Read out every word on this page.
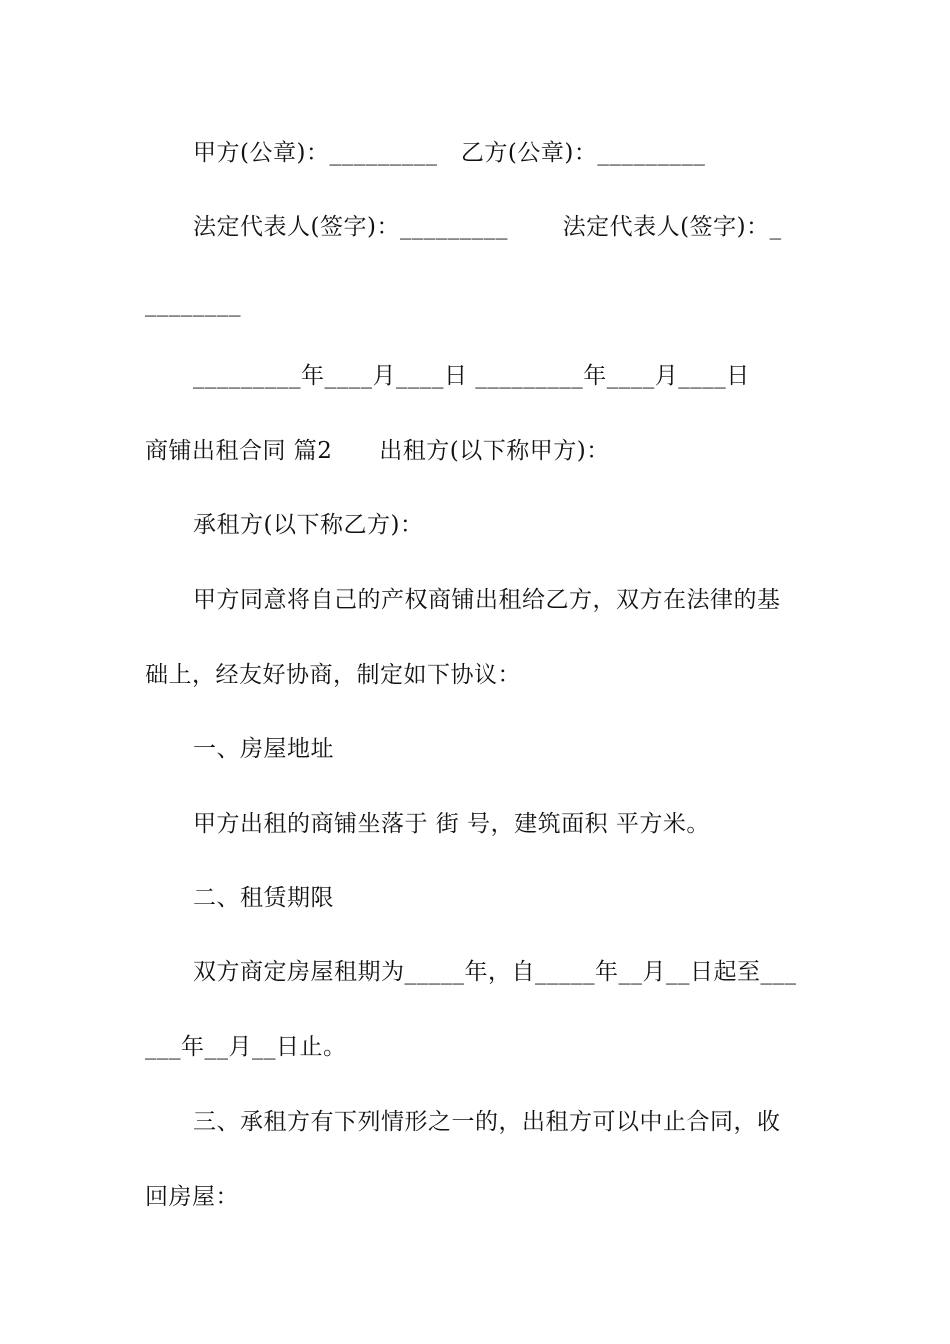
甲方(公章)：_________   乙方(公章)：_________
法定代表人(签字)：_________       法定代表人(签字)：_
________
_________年____月____日 _________年____月____日
商铺出租合同 篇2      出租方(以下称甲方)：
承租方(以下称乙方)：
甲方同意将自己的产权商铺出租给乙方，双方在法律的基
础上，经友好协商，制定如下协议：
一、房屋地址
甲方出租的商铺坐落于 街 号，建筑面积 平方米。
二、租赁期限
双方商定房屋租期为_____年，自_____年__月__日起至___
___年__月__日止。
三、承租方有下列情形之一的，出租方可以中止合同，收
回房屋：
